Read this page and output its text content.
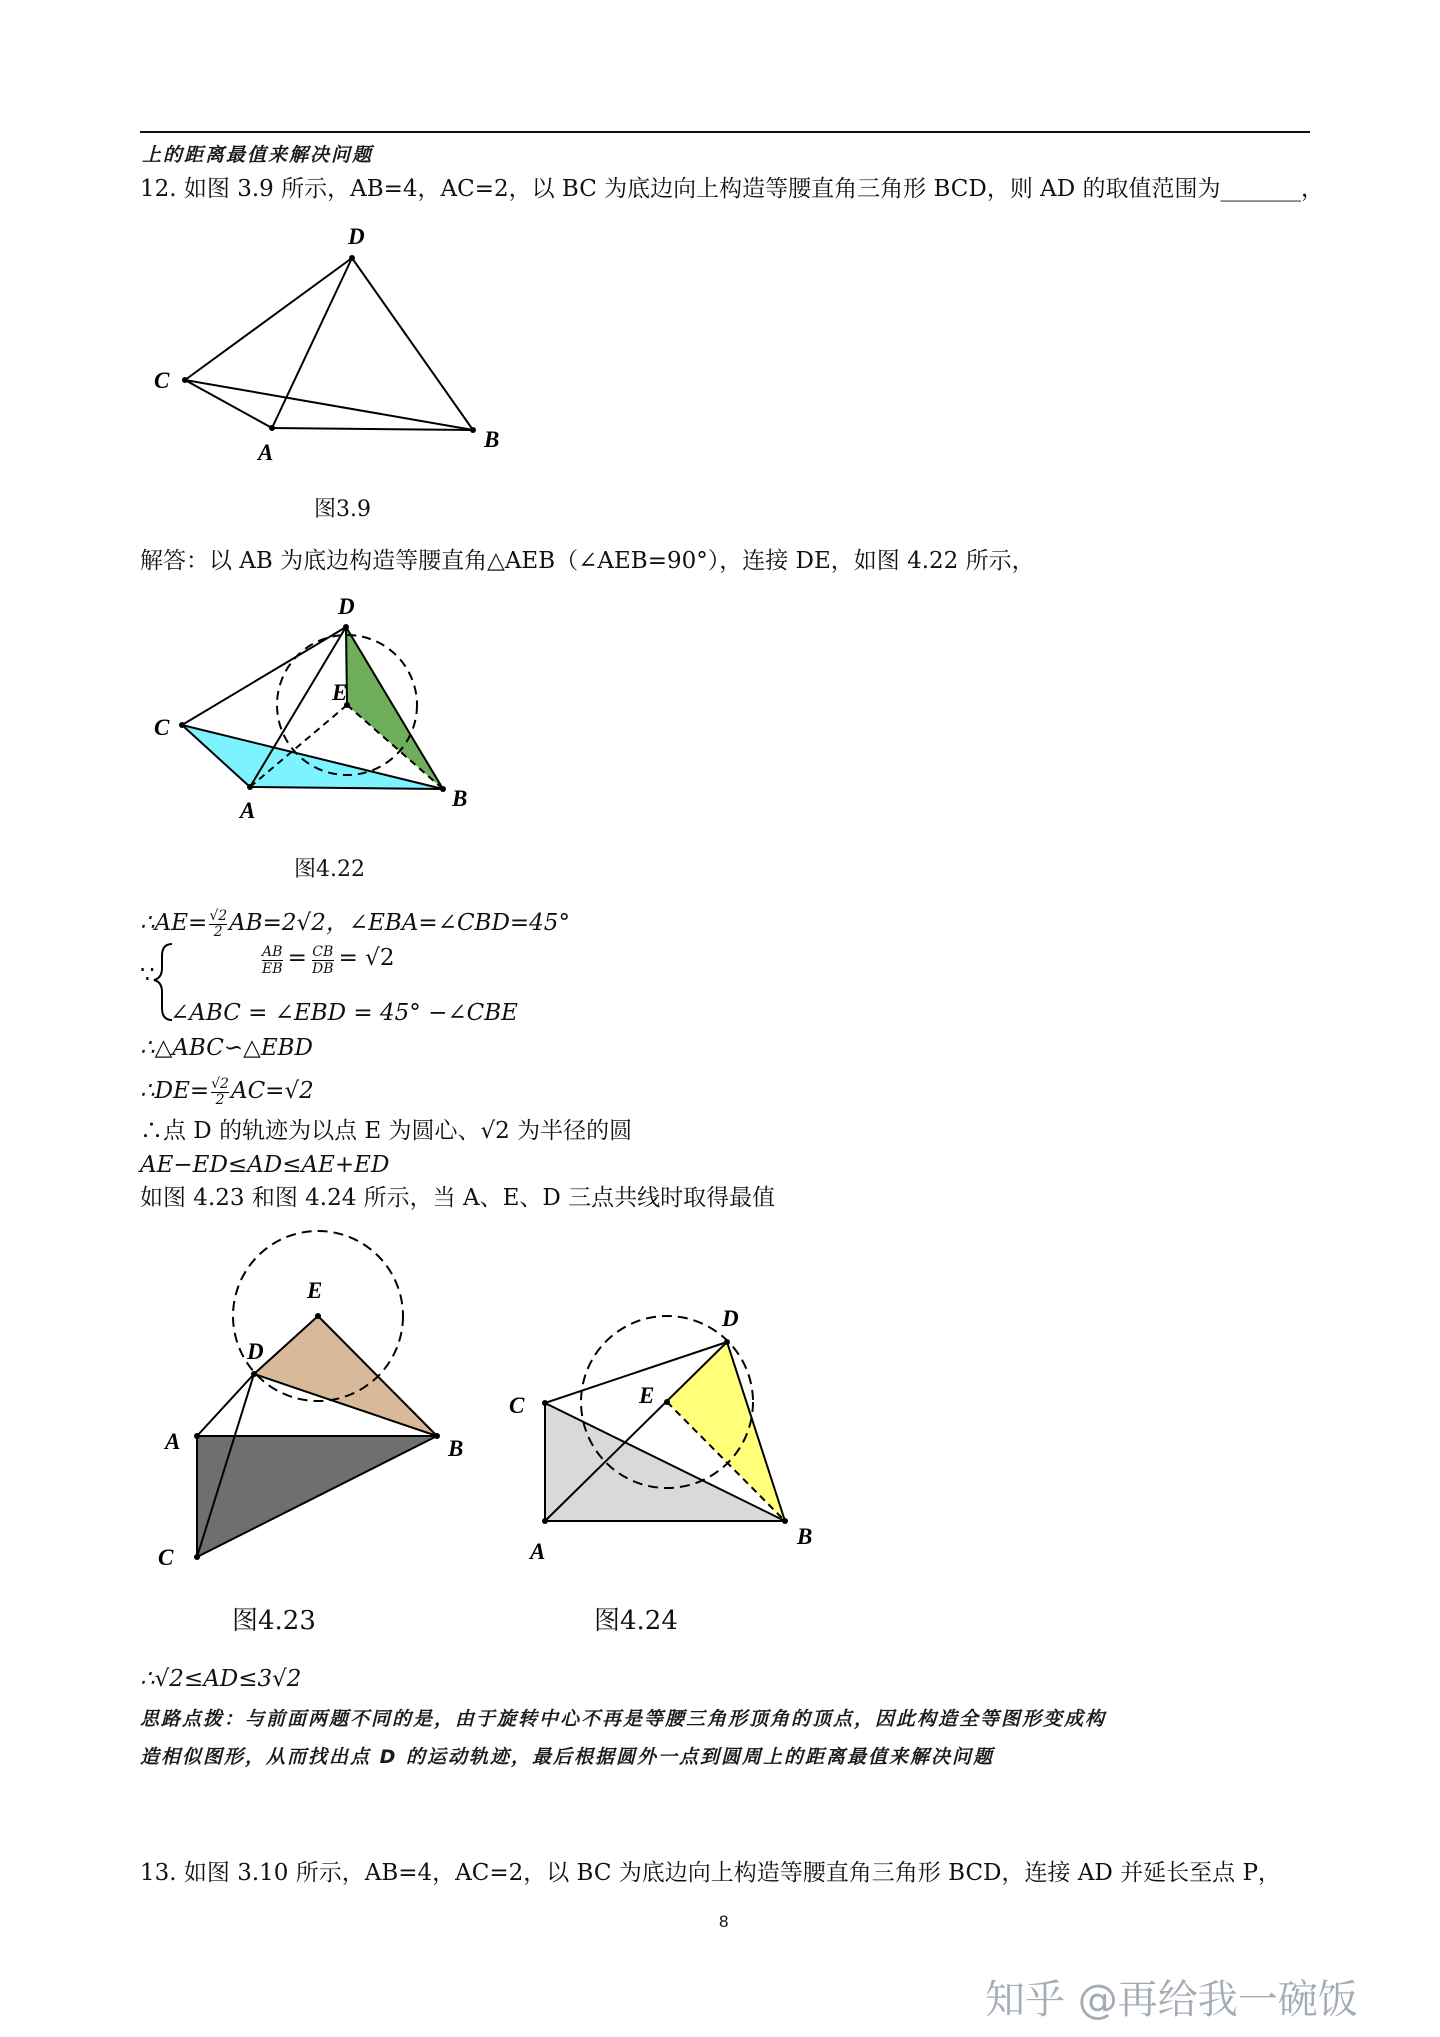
上的距离最值来解决问题
12. 如图 3.9 所示，AB=4，AC=2，以 BC 为底边向上构造等腰直角三角形 BCD，则 AD 的取值范围为_______，
D
C
A
B
图3.9
解答：以 AB 为底边构造等腰直角△AEB（∠AEB=90°），连接 DE，如图 4.22 所示，
D
E
C
A	B
图4.22
∴AE= $\frac{√2}{2} AB=2√2$，∠EBA=∠CBD=45°
∵	$\frac{AB}{EB} = \frac{CB}{DB} = √2$
∠ABC = ∠EBD = 45° −∠CBE
∴△ABC∽△EBD
∴DE= $\frac{√2}{2} AC=√2$
∴点 D 的轨迹为以点 E 为圆心、√2 为半径的圆
AE−ED≤AD≤AE+ED
如图 4.23 和图 4.24 所示，当 A、E、D 三点共线时取得最值
E
D
A	B
C
图4.23
D
C	E
A
B
图4.24
∴√2≤AD≤3√2
思路点拨：与前面两题不同的是，由于旋转中心不再是等腰三角形顶角的顶点，因此构造全等图形变成构
造相似图形，从而找出点 D 的运动轨迹，最后根据圆外一点到圆周上的距离最值来解决问题
13. 如图 3.10 所示，AB=4，AC=2，以 BC 为底边向上构造等腰直角三角形 BCD，连接 AD 并延长至点 P，
8
知乎 @再给我一碗饭
